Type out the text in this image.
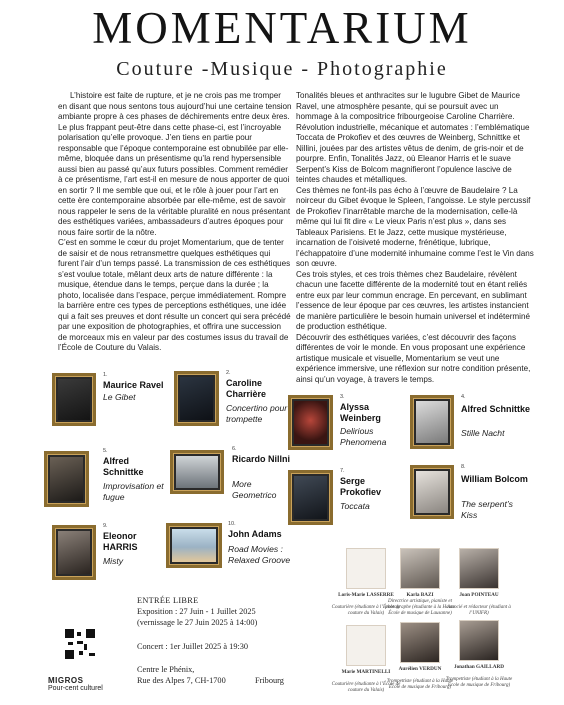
MOMENTARIUM
Couture -Musique - Photographie

L’histoire est faite de rupture, et je ne crois pas me tromper en disant que nous sentons tous aujourd’hui une certaine tension ambiante propre à ces phases de déchirements entre deux ères. Le plus frappant peut-être dans cette phase-ci, est l’incroyable polarisation qu’elle provoque. J’en tiens en partie pour responsable que l’époque contemporaine est obnubilée par elle-même, bloquée dans un présentisme qu’la rend hypersensible aussi bien au passé qu’aux futurs possibles. Comment remédier à ce présentisme, l’art est-il en mesure de nous apporter de quoi en sortir ? Il me semble que oui, et le rôle à jouer pour l’art en cette ère contemporaine absorbée par elle-même, est de savoir nous rappeler le sens de la véritable pluralité en nous présentant des esthétiques variées, ambassadeurs d’autres époques pour nous faire sortir de la nôtre.

C’est en somme le cœur du projet Momentarium, que de tenter de saisir et de nous retransmettre quelques esthétiques qui furent l’air d’un temps passé. La transmission de ces esthétiques s’est voulue totale, mêlant deux arts de nature différente : la musique, étendue dans le temps, perçue dans la durée ; la photo, localisée dans l’espace, perçue immédiatement. Rompre la barrière entre ces types de perceptions esthétiques, une idée qui a fait ses preuves et dont résulte un concert qui sera précédé par une exposition de photographies, et offrira une succession de morceaux mis en valeur par des costumes issus du travail de l’École de Couture du Valais.

Tonalités bleues et anthracites sur le lugubre Gibet de Maurice Ravel, une atmosphère pesante, qui se poursuit avec un hommage à la compositrice fribourgeoise Caroline Charrière. Révolution industrielle, mécanique et automates : l’emblématique Toccata de Prokofiev et des œuvres de Weinberg, Schnittke et Nillini, jouées par des artistes vêtus de denim, de gris-noir et de pourpre. Enfin, Tonalités Jazz, où Eleanor Harris et le suave Serpent’s Kiss de Bolcom magnifieront l’opulence lascive de teintes chaudes et métalliques.

Ces thèmes ne font-ils pas écho à l’œuvre de Baudelaire ? La noirceur du Gibet évoque le Spleen, l’angoisse. Le style percussif de Prokofiev l’inarrêtable marche de la modernisation, celle-là même qui lui fit dire « Le vieux Paris n’est plus », dans ses Tableaux Parisiens. Et le Jazz, cette musique mystérieuse, incarnation de l’oisiveté moderne, frénétique, lubrique, l’échappatoire d’une modernité inhumaine comme l’est le Vin dans son œuvre.

Ces trois styles, et ces trois thèmes chez Baudelaire, révèlent chacun une facette différente de la modernité tout en étant reliés entre eux par leur commun encrage. En percevant, en sublimant l’essence de leur époque par ces œuvres, les artistes instancient de manière particulière le besoin humain universel et indéterminé de production esthétique.

Découvrir des esthétiques variées, c’est découvrir des façons différentes de voir le monde. En vous proposant une expérience artistique musicale et visuelle, Momentarium se veut une expérience immersive, une réflexion sur notre condition présente, ainsi qu’un voyage, à travers le temps.

1.
Maurice Ravel
Le Gibet
2.
Caroline Charrière
Concertino pour trompette
3.
Alyssa Weinberg
Delirious Phenomena
4.
Alfred Schnittke
Stille Nacht
5.
Alfred Schnittke
Improvisation et fugue
6.
Ricardo Nillni
More Geometrico
7.
Serge Prokofiev
Toccata
8.
William Bolcom
The serpent’s Kiss
9.
Eleonor HARRIS
Misty
10.
John Adams
Road Movies : Relaxed Groove
ENTRÉE LIBRE
Exposition : 27 Juin - 1 Juillet 2025
(vernissage le 27 Juin 2025 à 14:00)
Concert : 1er Juillet 2025 à 19:30
Centre le Phénix,
Rue des Alpes 7, CH-1700	Fribourg
MIGROS
Pour-cent culturel
Loris-Marie LASSERRE
Couturière (étudiante à l’École de couture du Valais)
Karla BAZI
Directrice artistique, pianiste et photographe (étudiante à la Haute École de musique de Lausanne)
Joan POINTEAU
Associé et rédacteur (étudiant à l’UNIFR)
Marie MARTINELLI
Couturière (étudiante à l’École de couture du Valais)
Aurélien VERDUN
Trompettiste (étudiant à la Haute École de musique de Fribourg)
Jonathan GAILLARD
Trompettiste (étudiant à la Haute École de musique de Fribourg)
